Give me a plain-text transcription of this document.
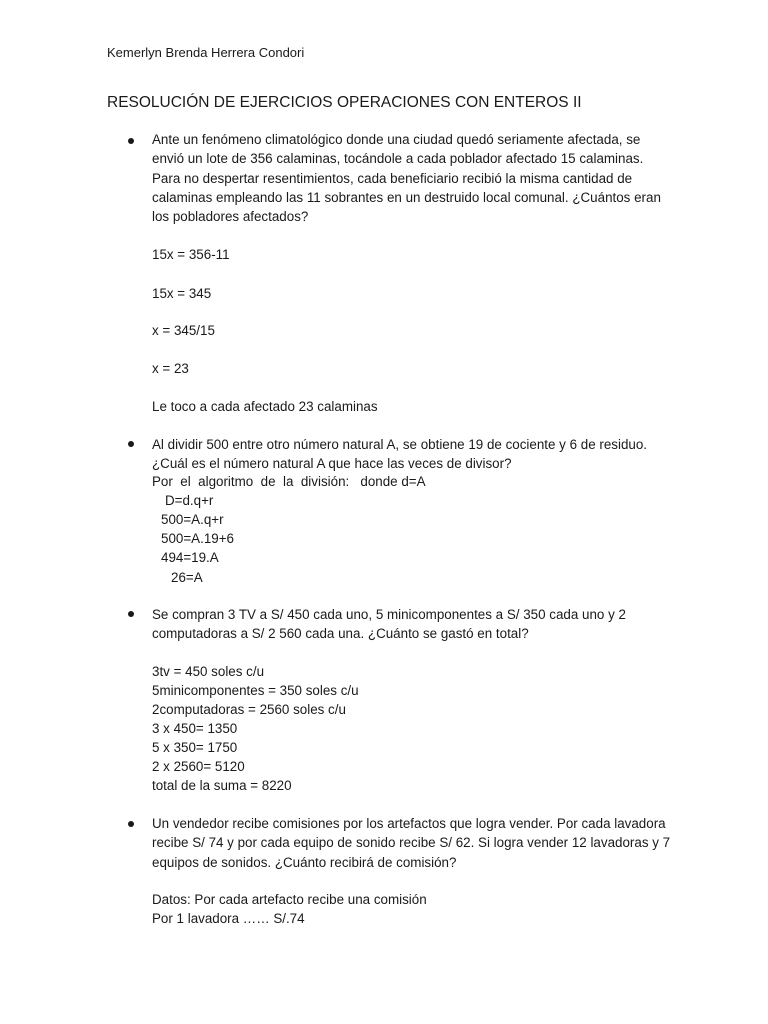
Kemerlyn Brenda Herrera Condori
RESOLUCIÓN DE EJERCICIOS OPERACIONES CON ENTEROS II
Ante un fenómeno climatológico donde una ciudad quedó seriamente afectada, se envió un lote de 356 calaminas, tocándole a cada poblador afectado 15 calaminas. Para no despertar resentimientos, cada beneficiario recibió la misma cantidad de calaminas empleando las 11 sobrantes en un destruido local comunal. ¿Cuántos eran los pobladores afectados?
15x = 356-11
15x = 345
x = 345/15
x = 23
Le toco a cada afectado 23 calaminas
Al dividir 500 entre otro número natural A, se obtiene 19 de cociente y 6 de residuo. ¿Cuál es el número natural A que hace las veces de divisor?
Por  el  algoritmo  de  la  división:   donde d=A
D=d.q+r
500=A.q+r
500=A.19+6
494=19.A
26=A
Se compran 3 TV a S/ 450 cada uno, 5 minicomponentes a S/ 350 cada uno y 2 computadoras a S/ 2 560 cada una. ¿Cuánto se gastó en total?
3tv = 450 soles c/u
5minicomponentes = 350 soles c/u
2computadoras = 2560 soles c/u
3 x 450= 1350
5 x 350= 1750
2 x 2560= 5120
total de la suma = 8220
Un vendedor recibe comisiones por los artefactos que logra vender. Por cada lavadora recibe S/ 74 y por cada equipo de sonido recibe S/ 62. Si logra vender 12 lavadoras y 7 equipos de sonidos. ¿Cuánto recibirá de comisión?
Datos: Por cada artefacto recibe una comisión
Por 1 lavadora …… S/.74
